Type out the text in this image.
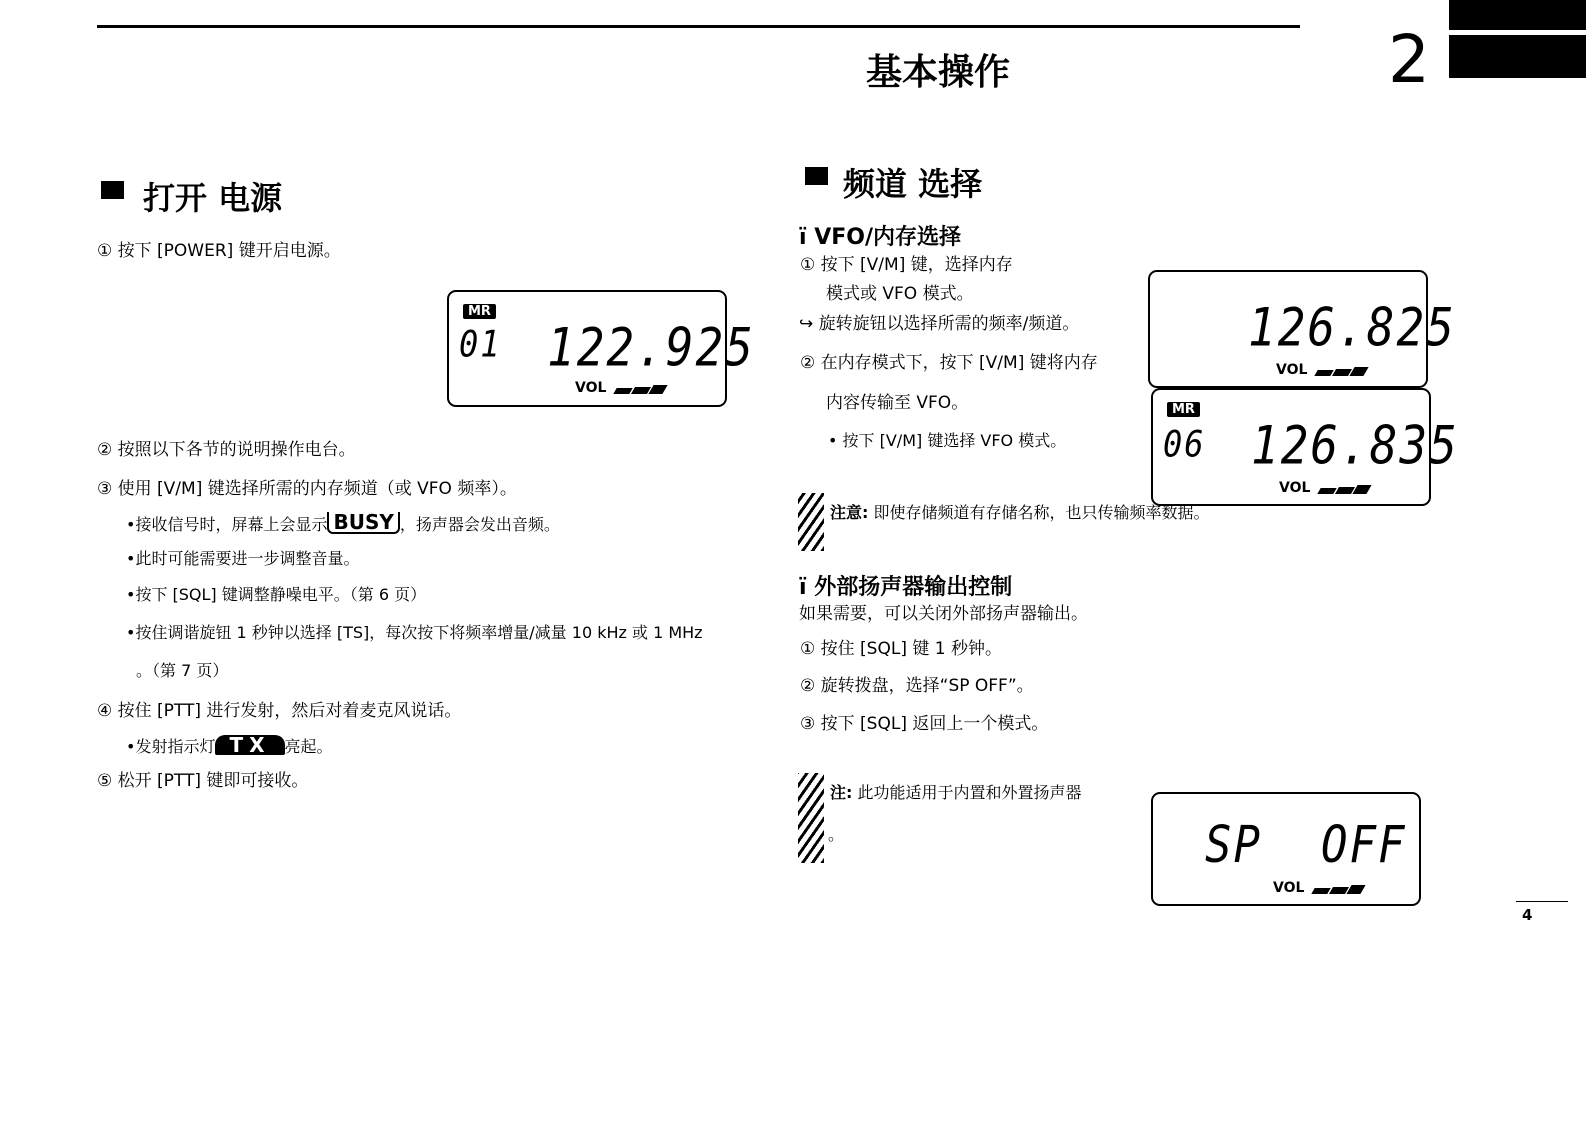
基本操作	2
打开 电源
① 按下 [POWER] 键开启电源。
MR
01 122.925
VOL
② 按照以下各节的说明操作电台。
③ 使用 [V/M] 键选择所需的内存频道（或 VFO 频率）。
•接收信号时，屏幕上会显示 BUSY ，扬声器会发出音频。
•此时可能需要进一步调整音量。
•按下 [SQL] 键调整静噪电平。（第 6 页）
•按住调谐旋钮 1 秒钟以选择 [TS]，每次按下将频率增量/减量 10 kHz 或 1 MHz
。（第 7 页）
④ 按住 [PTT] 进行发射，然后对着麦克风说话。
•发射指示灯 TX 亮起。
⑤ 松开 [PTT] 键即可接收。
频道 选择
ï VFO/内存选择
① 按下 [V/M] 键，选择内存
模式或 VFO 模式。
↪ 旋转旋钮以选择所需的频率/频道。
② 在内存模式下，按下 [V/M] 键将内存
内容传输至 VFO。
• 按下 [V/M] 键选择 VFO 模式。
126.825
VOL
MR
06 126.835
VOL
注意: 即使存储频道有存储名称，也只传输频率数据。
ï 外部扬声器输出控制
如果需要，可以关闭外部扬声器输出。
① 按住 [SQL] 键 1 秒钟。
② 旋转拨盘，选择“SP OFF”。
③ 按下 [SQL] 返回上一个模式。
注: 此功能适用于内置和外置扬声器
。	SP OFF
VOL
4
